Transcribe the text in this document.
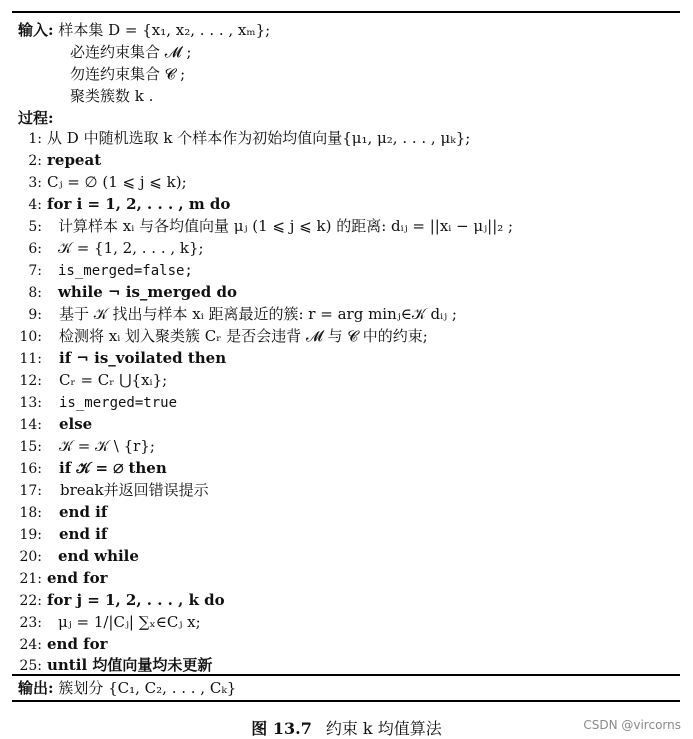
输入: 样本集 D = {x₁, x₂, . . . , xₘ};
必连约束集合 𝓜 ;
勿连约束集合 𝓒 ;
聚类簇数 k .
过程:
1: 从 D 中随机选取 k 个样本作为初始均值向量{μ₁, μ₂, . . . , μₖ};
2: repeat
3: Cⱼ = ∅ (1 ⩽ j ⩽ k);
4: for i = 1, 2, . . . , m do
5: 计算样本 xᵢ 与各均值向量 μⱼ (1 ⩽ j ⩽ k) 的距离: dᵢⱼ = ||xᵢ − μⱼ||₂ ;
6: 𝒦 = {1, 2, . . . , k};
7: is_merged=false;
8: while ¬ is_merged do
9: 基于 𝒦 找出与样本 xᵢ 距离最近的簇: r = arg minⱼ∈𝒦 dᵢⱼ ;
10: 检测将 xᵢ 划入聚类簇 Cᵣ 是否会违背 𝓜 与 𝓒 中的约束;
11: if ¬ is_voilated then
12: Cᵣ = Cᵣ ⋃{xᵢ};
13: is_merged=true
14: else
15: 𝒦 = 𝒦 \ {r};
16: if 𝒦 = ∅ then
17: break并返回错误提示
18: end if
19: end if
20: end while
21: end for
22: for j = 1, 2, . . . , k do
23: μⱼ = 1/|Cⱼ| ∑ₓ∈Cⱼ x;
24: end for
25: until 均值向量均未更新
输出: 簇划分 {C₁, C₂, . . . , Cₖ}
图 13.7 约束 k 均值算法	CSDN @vircorns
